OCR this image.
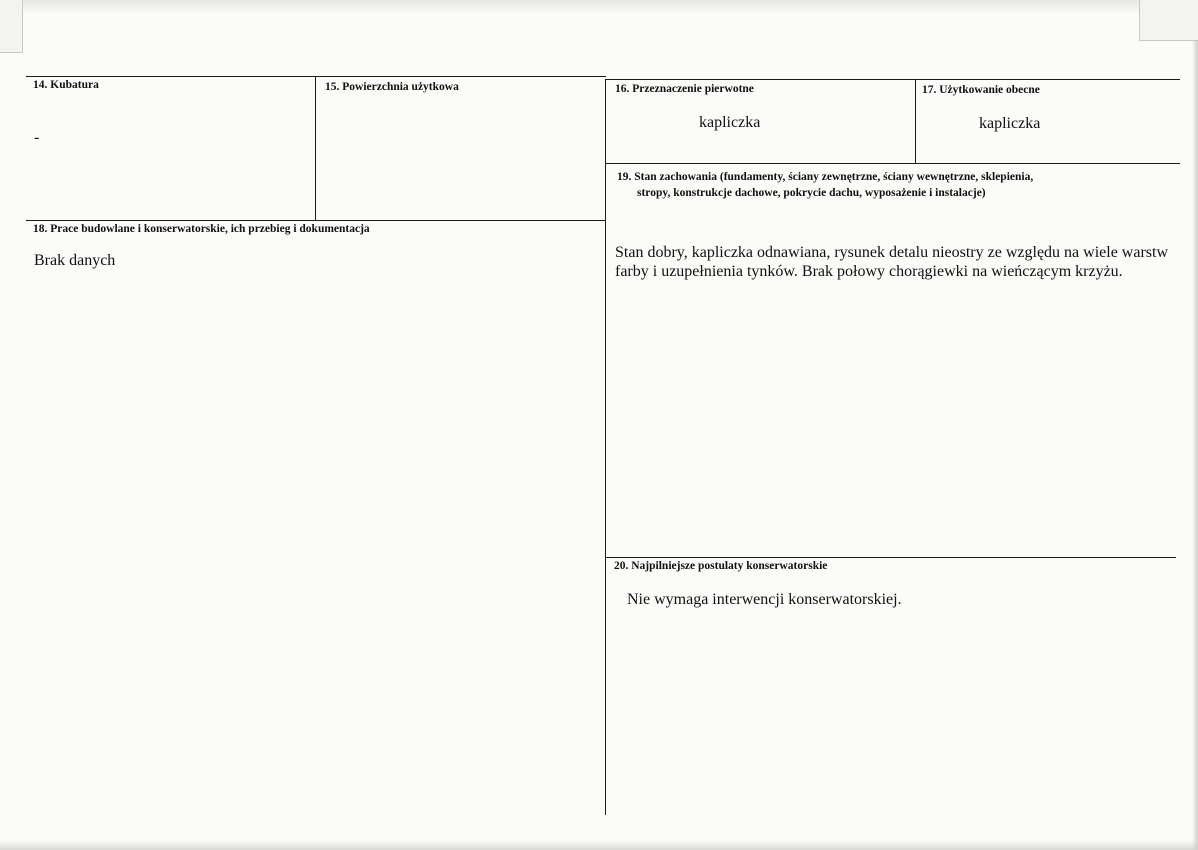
14. Kubatura
-
15. Powierzchnia użytkowa	16. Przeznaczenie pierwotne
kapliczka
17. Użytkowanie obecne
kapliczka
18. Prace budowlane i konserwatorskie, ich przebieg i dokumentacja
Brak danych
19. Stan zachowania (fundamenty, ściany zewnętrzne, ściany wewnętrzne, sklepienia,
stropy, konstrukcje dachowe, pokrycie dachu, wyposażenie i instalacje)
Stan dobry, kapliczka odnawiana, rysunek detalu nieostry ze względu na wiele warstw farby i uzupełnienia tynków. Brak połowy chorągiewki na wieńczącym krzyżu.
20. Najpilniejsze postulaty konserwatorskie
Nie wymaga interwencji konserwatorskiej.
